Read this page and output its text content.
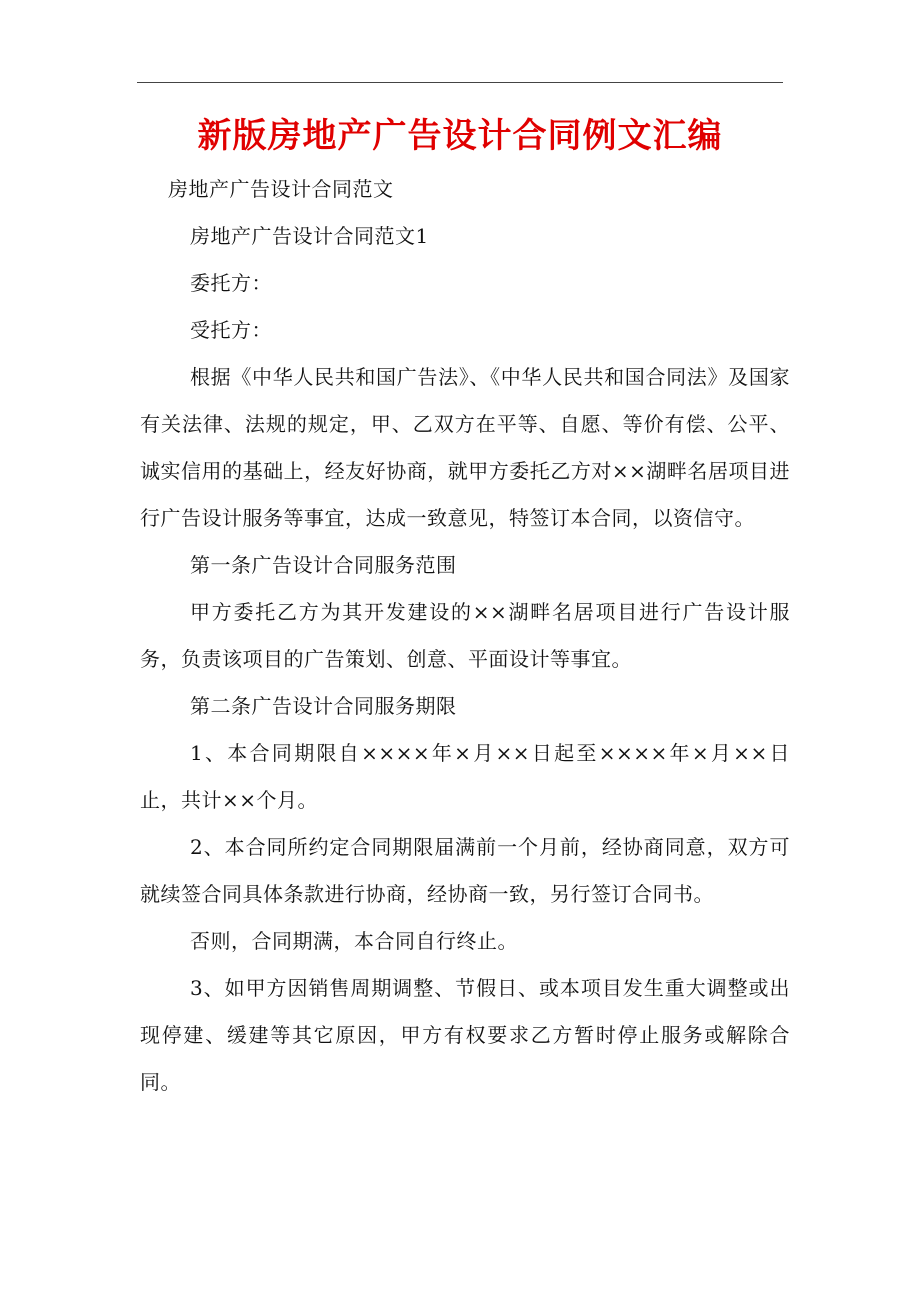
新版房地产广告设计合同例文汇编

房地产广告设计合同范文

房地产广告设计合同范文1

委托方：

受托方：

根据《中华人民共和国广告法》、《中华人民共和国合同法》及国家有关法律、法规的规定，甲、乙双方在平等、自愿、等价有偿、公平、诚实信用的基础上，经友好协商，就甲方委托乙方对××湖畔名居项目进行广告设计服务等事宜，达成一致意见，特签订本合同，以资信守。

第一条广告设计合同服务范围

甲方委托乙方为其开发建设的××湖畔名居项目进行广告设计服务，负责该项目的广告策划、创意、平面设计等事宜。

第二条广告设计合同服务期限

1、本合同期限自××××年×月××日起至××××年×月××日止，共计××个月。

2、本合同所约定合同期限届满前一个月前，经协商同意，双方可就续签合同具体条款进行协商，经协商一致，另行签订合同书。

否则，合同期满，本合同自行终止。

3、如甲方因销售周期调整、节假日、或本项目发生重大调整或出现停建、缓建等其它原因，甲方有权要求乙方暂时停止服务或解除合同。
